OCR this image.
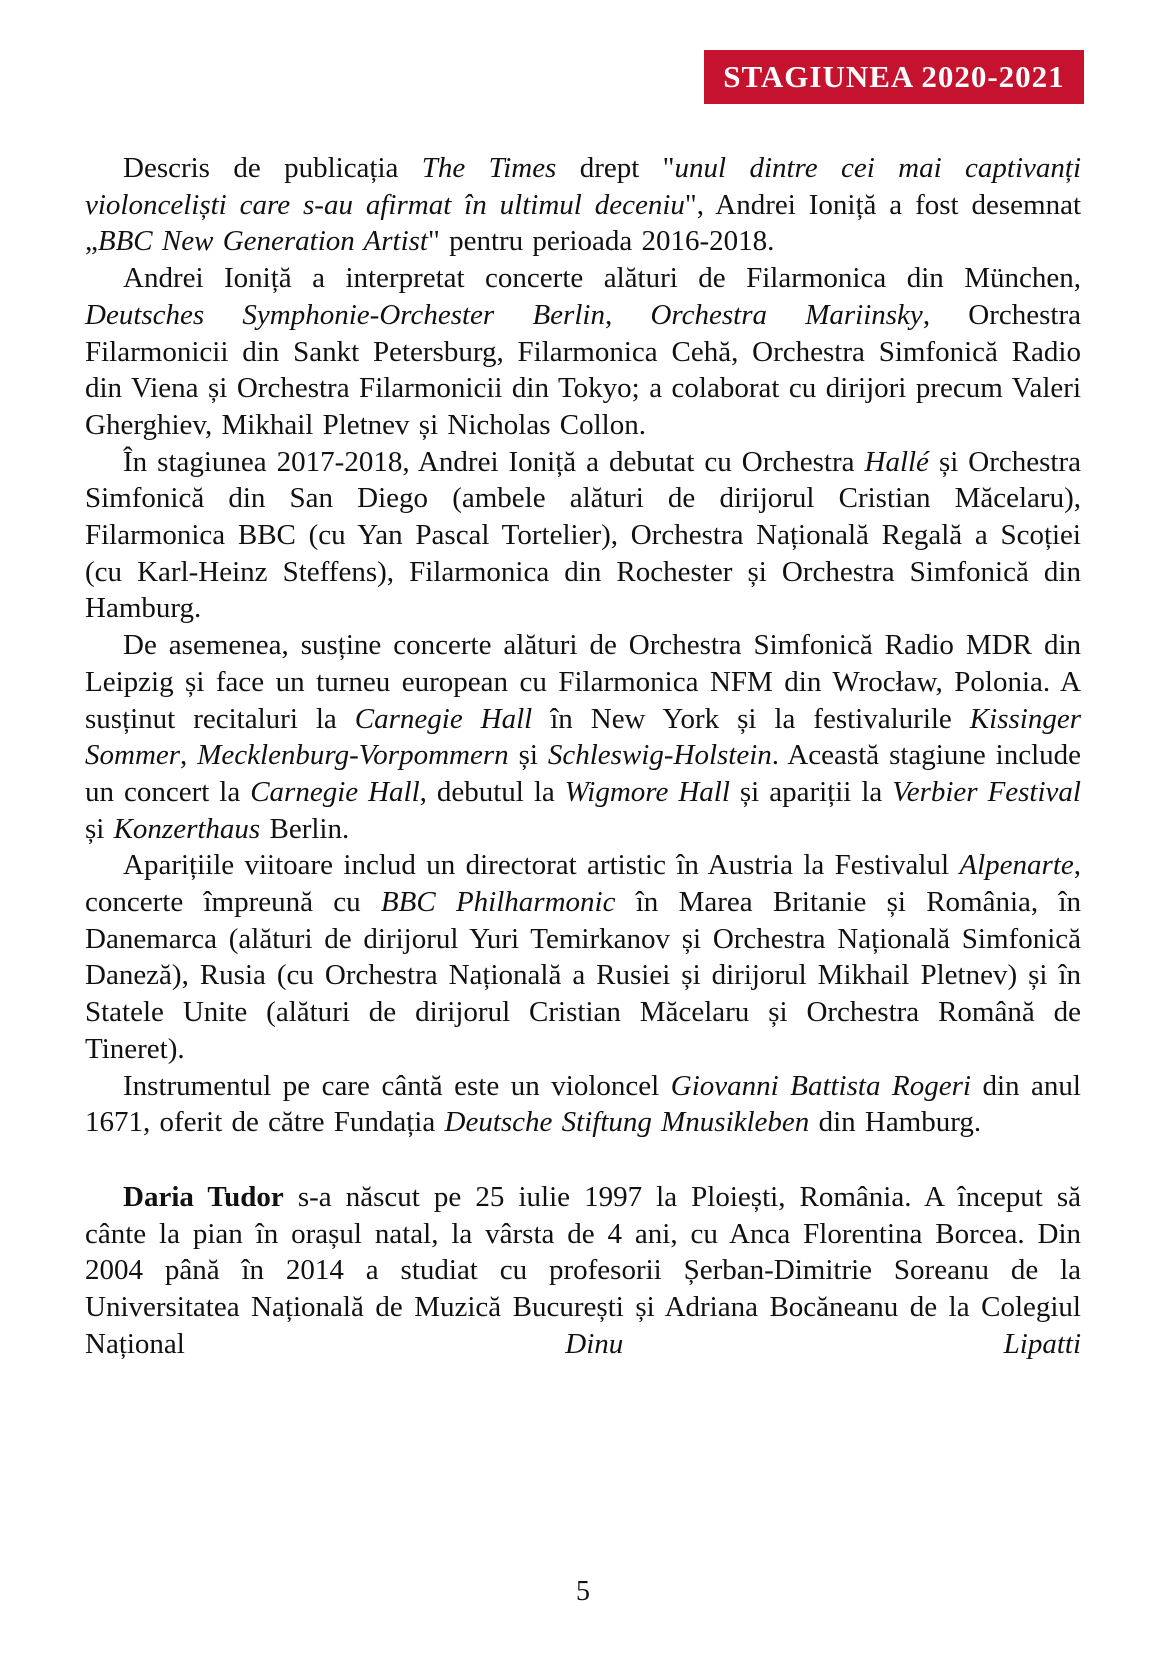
STAGIUNEA 2020-2021

Descris de publicația The Times drept "unul dintre cei mai captivanți violonceliști care s-au afirmat în ultimul deceniu", Andrei Ioniță a fost desemnat „BBC New Generation Artist" pentru perioada 2016-2018.

Andrei Ioniță a interpretat concerte alături de Filarmonica din München, Deutsches Symphonie-Orchester Berlin, Orchestra Mariinsky, Orchestra Filarmonicii din Sankt Petersburg, Filarmonica Cehă, Orchestra Simfonică Radio din Viena și Orchestra Filarmonicii din Tokyo; a colaborat cu dirijori precum Valeri Gherghiev, Mikhail Pletnev și Nicholas Collon.

În stagiunea 2017-2018, Andrei Ioniță a debutat cu Orchestra Hallé și Orchestra Simfonică din San Diego (ambele alături de dirijorul Cristian Măcelaru), Filarmonica BBC (cu Yan Pascal Tortelier), Orchestra Națională Regală a Scoției (cu Karl-Heinz Steffens), Filarmonica din Rochester și Orchestra Simfonică din Hamburg.

De asemenea, susține concerte alături de Orchestra Simfonică Radio MDR din Leipzig și face un turneu european cu Filarmonica NFM din Wrocław, Polonia. A susținut recitaluri la Carnegie Hall în New York și la festivalurile Kissinger Sommer, Mecklenburg-Vorpommern și Schleswig-Holstein. Această stagiune include un concert la Carnegie Hall, debutul la Wigmore Hall și apariții la Verbier Festival și Konzerthaus Berlin.

Aparițiile viitoare includ un directorat artistic în Austria la Festivalul Alpenarte, concerte împreună cu BBC Philharmonic în Marea Britanie și România, în Danemarca (alături de dirijorul Yuri Temirkanov și Orchestra Națională Simfonică Daneză), Rusia (cu Orchestra Națională a Rusiei și dirijorul Mikhail Pletnev) și în Statele Unite (alături de dirijorul Cristian Măcelaru și Orchestra Română de Tineret).

Instrumentul pe care cântă este un violoncel Giovanni Battista Rogeri din anul 1671, oferit de către Fundația Deutsche Stiftung Mnusikleben din Hamburg.

Daria Tudor s-a născut pe 25 iulie 1997 la Ploiești, România. A început să cânte la pian în orașul natal, la vârsta de 4 ani, cu Anca Florentina Borcea. Din 2004 până în 2014 a studiat cu profesorii Șerban-Dimitrie Soreanu de la Universitatea Națională de Muzică București și Adriana Bocăneanu de la Colegiul Național Dinu Lipatti

5
